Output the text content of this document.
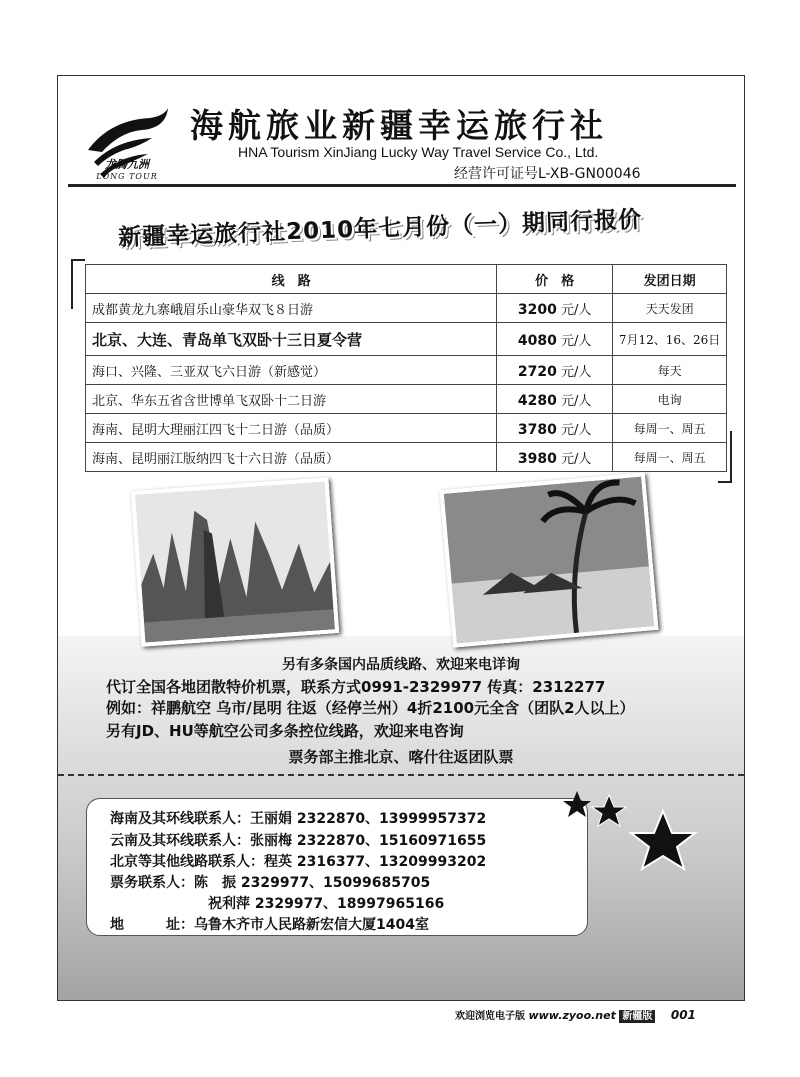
龙腾九洲
LONG TOUR
海航旅业新疆幸运旅行社
HNA Tourism XinJiang Lucky Way Travel Service Co., Ltd.
经营许可证号L-XB-GN00046
新疆幸运旅行社2010年七月份（一）期同行报价
线　路	价　格	发团日期
成都黄龙九寨峨眉乐山豪华双飞８日游	3200 元/人	天天发团
北京、大连、青岛单飞双卧十三日夏令营	4080 元/人	7月12、16、26日
海口、兴隆、三亚双飞六日游（新感觉）	2720 元/人	每天
北京、华东五省含世博单飞双卧十二日游	4280 元/人	电询
海南、昆明大理丽江四飞十二日游（品质）	3780 元/人	每周一、周五
海南、昆明丽江版纳四飞十六日游（品质）	3980 元/人	每周一、周五
另有多条国内品质线路、欢迎来电详询
代订全国各地团散特价机票，联系方式0991-2329977 传真：2312277
例如：祥鹏航空 乌市/昆明 往返（经停兰州）4折2100元全含（团队2人以上）
另有JD、HU等航空公司多条控位线路，欢迎来电咨询
票务部主推北京、喀什往返团队票
海南及其环线联系人：王丽娟 2322870、13999957372
云南及其环线联系人：张丽梅 2322870、15160971655
北京等其他线路联系人：程英 2316377、13209993202
票务联系人：陈　振 2329977、15099685705
祝利萍 2329977、18997965166
地　　　址：乌鲁木齐市人民路新宏信大厦1404室
欢迎浏览电子版 www.zyoo.net 新疆版 001
